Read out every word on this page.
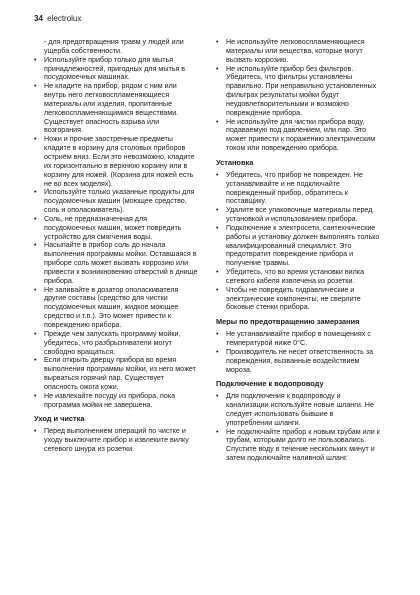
34 electrolux
- для предотвращения травм у людей или ущерба собственности.
• Используйте прибор только для мытья принадлежностей, пригодных для мытья в посудомоечных машинах.
• Не кладите на прибор, рядом с ним или внутрь него легковоспламеняющиеся материалы или изделия, пропитанные легковоспламеняющимися веществами. Существует опасность взрыва или возгорания.
• Ножи и прочие заостренные предметы кладите в корзину для столовых приборов остриём вниз. Если это невозможно, кладите их горизонтально в верхнюю корзину или в корзину для ножей. (Корзина для ножей есть не во всех моделях).
• Используйте только указанные продукты для посудомоечных машин (моющее средство, соль и ополаскиватель).
• Соль, не предназначенная для посудомоечных машин, может повредить устройство для смягчения воды.
• Насыпайте в прибор соль до начала выполнения программы мойки. Оставшаяся в приборе соль может вызвать коррозию или привести к возникновению отверстий в днище прибора.
• Не заливайте в дозатор ополаскивателя другие составы (средство для чистки посудомоечных машин, жидкое моющее средство и т.п.). Это может привести к повреждению прибора.
• Прежде чем запускать программу мойки, убедитесь, что разбрызгиватели могут свободно вращаться.
• Если открыть дверцу прибора во время выполнения программы мойки, из него может вырваться горячий пар. Существует опасность ожога кожи.
• Не извлекайте посуду из прибора, пока программа мойки не завершена.
Уход и чистка
• Перед выполнением операций по чистке и уходу выключите прибор и извлеките вилку сетевого шнура из розетки.
• Не используйте легковоспламеняющиеся материалы или вещества, которые могут вызвать коррозию.
• Не используйте прибор без фильтров. Убедитесь, что фильтры установлены правильно. При неправильно установленных фильтрах результаты мойки будут неудовлетворительными и возможно повреждение прибора.
• Не используйте для чистки прибора воду, подаваемую под давлением, или пар. Это может привести к поражению электрическим током или повреждению прибора.
Установка
• Убедитесь, что прибор не поврежден. Не устанавливайте и не подключайте поврежденный прибор, обратитесь к поставщику.
• Удалите все упаковочные материалы перед установкой и использованием прибора.
• Подключение к электросети, сантехнические работы и установку должен выполнять только квалифицированный специалист. Это предотвратит повреждение прибора и получение травмы.
• Убедитесь, что во время установки вилка сетевого кабеля извлечена из розетки.
• Чтобы не повредить гидравлические и электрические компоненты, не сверлите боковые стенки прибора.
Меры по предотвращению замерзания
• Не устанавливайте прибор в помещениях с температурой ниже 0°C.
• Производитель не несет ответственность за повреждения, вызванные воздействием мороза.
Подключение к водопроводу
• Для подключения к водопроводу и канализации используйте новые шланги. Не следует использовать бывшие в употреблении шланги.
• Не подключайте прибор к новым трубам или к трубам, которыми долго не пользовались. Спустите воду в течение нескольких минут и затем подключайте наливной шланг.
